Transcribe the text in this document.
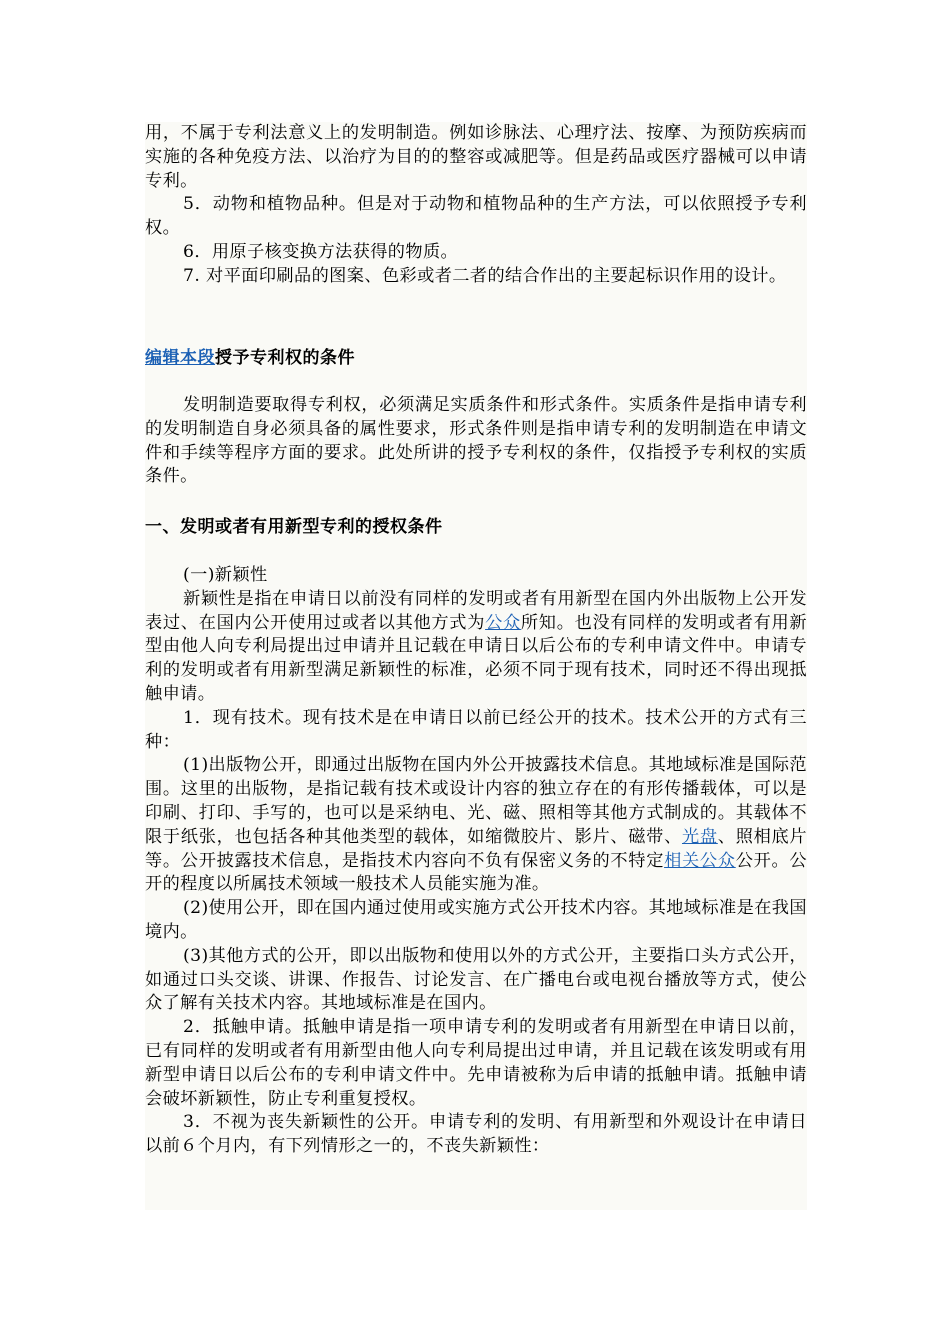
用，不属于专利法意义上的发明制造。例如诊脉法、心理疗法、按摩、为预防疾病而实施的各种免疫方法、以治疗为目的的整容或减肥等。但是药品或医疗器械可以申请专利。

5．动物和植物品种。但是对于动物和植物品种的生产方法，可以依照授予专利权。

6．用原子核变换方法获得的物质。

7. 对平面印刷品的图案、色彩或者二者的结合作出的主要起标识作用的设计。

编辑本段授予专利权的条件

发明制造要取得专利权，必须满足实质条件和形式条件。实质条件是指申请专利的发明制造自身必须具备的属性要求，形式条件则是指申请专利的发明制造在申请文件和手续等程序方面的要求。此处所讲的授予专利权的条件，仅指授予专利权的实质条件。

一、发明或者有用新型专利的授权条件

(一)新颖性

新颖性是指在申请日以前没有同样的发明或者有用新型在国内外出版物上公开发表过、在国内公开使用过或者以其他方式为公众所知。也没有同样的发明或者有用新型由他人向专利局提出过申请并且记载在申请日以后公布的专利申请文件中。申请专利的发明或者有用新型满足新颖性的标准，必须不同于现有技术，同时还不得出现抵触申请。

1．现有技术。现有技术是在申请日以前已经公开的技术。技术公开的方式有三种：

(1)出版物公开，即通过出版物在国内外公开披露技术信息。其地域标准是国际范围。这里的出版物，是指记载有技术或设计内容的独立存在的有形传播载体，可以是印刷、打印、手写的，也可以是采纳电、光、磁、照相等其他方式制成的。其载体不限于纸张，也包括各种其他类型的载体，如缩微胶片、影片、磁带、光盘、照相底片等。公开披露技术信息，是指技术内容向不负有保密义务的不特定相关公众公开。公开的程度以所属技术领域一般技术人员能实施为准。

(2)使用公开，即在国内通过使用或实施方式公开技术内容。其地域标准是在我国境内。

(3)其他方式的公开，即以出版物和使用以外的方式公开，主要指口头方式公开，如通过口头交谈、讲课、作报告、讨论发言、在广播电台或电视台播放等方式，使公众了解有关技术内容。其地域标准是在国内。

2．抵触申请。抵触申请是指一项申请专利的发明或者有用新型在申请日以前，已有同样的发明或者有用新型由他人向专利局提出过申请，并且记载在该发明或有用新型申请日以后公布的专利申请文件中。先申请被称为后申请的抵触申请。抵触申请会破坏新颖性，防止专利重复授权。

3．不视为丧失新颖性的公开。申请专利的发明、有用新型和外观设计在申请日以前６个月内，有下列情形之一的，不丧失新颖性：
